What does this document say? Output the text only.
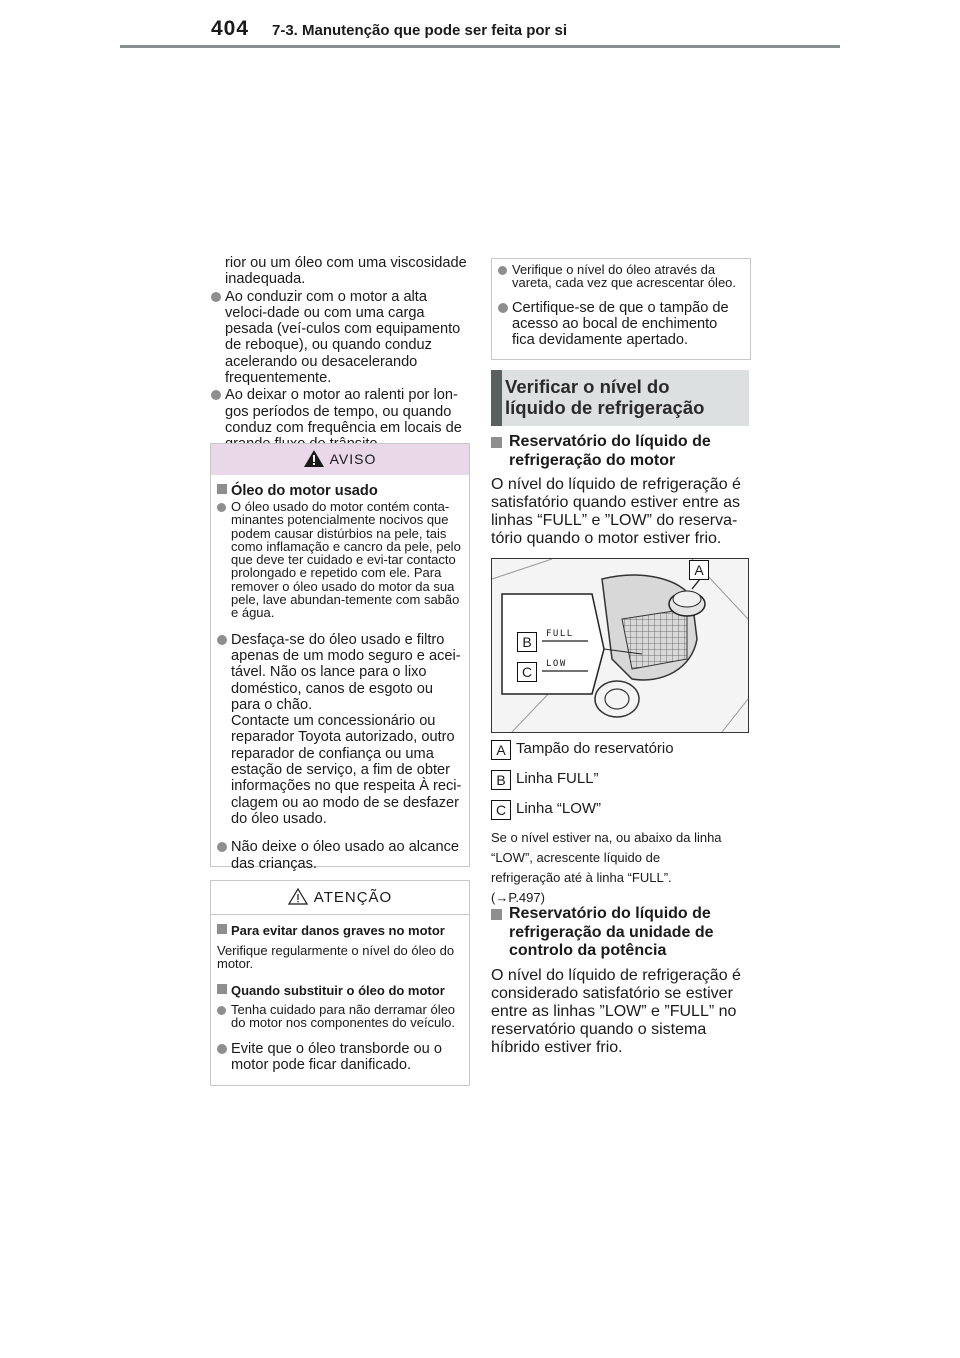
404 7-3. Manutenção que pode ser feita por si
rior ou um óleo com uma viscosidade inadequada.
Ao conduzir com o motor a alta veloci-dade ou com uma carga pesada (veí-culos com equipamento de reboque), ou quando conduz acelerando ou desacelerando frequentemente.
Ao deixar o motor ao ralenti por lon-gos períodos de tempo, ou quando conduz com frequência em locais de
AVISO
Óleo do motor usado
O óleo usado do motor contém conta-minantes potencialmente nocivos que podem causar distúrbios na pele, tais como inflamação e cancro da pele, pelo que deve ter cuidado e evi-tar contacto prolongado e repetido com ele. Para remover o óleo usado do motor da sua pele, lave abundan-temente com sabão e água.
Desfaça-se do óleo usado e filtro apenas de um modo seguro e acei-tável. Não os lance para o lixo doméstico, canos de esgoto ou para o chão.
Contacte um concessionário ou reparador Toyota autorizado, outro reparador de confiança ou uma estação de serviço, a fim de obter informações no que respeita À reci-clagem ou ao modo de se desfazer do óleo usado.
Não deixe o óleo usado ao alcance das crianças.
ATENÇÃO
Para evitar danos graves no motor
Verifique regularmente o nível do óleo do motor.
Quando substituir o óleo do motor
Tenha cuidado para não derramar óleo do motor nos componentes do veículo.
Evite que o óleo transborde ou o motor pode ficar danificado.
Verifique o nível do óleo através da vareta, cada vez que acrescentar óleo.
Certifique-se de que o tampão de acesso ao bocal de enchimento fica devidamente apertado.
Verificar o nível do líquido de refrigeração
Reservatório do líquido de refrigeração do motor
O nível do líquido de refrigeração é satisfatório quando estiver entre as linhas “FULL” e ”LOW” do reserva-tório quando o motor estiver frio.
A
B
C
FULL
LOW
A Tampão do reservatório
B Linha FULL”
C Linha “LOW”
Se o nível estiver na, ou abaixo da linha “LOW”, acrescente líquido de refrigeração até à linha “FULL”.
(→P.497)
Reservatório do líquido de refrigeração da unidade de controlo da potência
O nível do líquido de refrigeração é considerado satisfatório se estiver entre as linhas ”LOW” e ”FULL” no reservatório quando o sistema híbrido estiver frio.
